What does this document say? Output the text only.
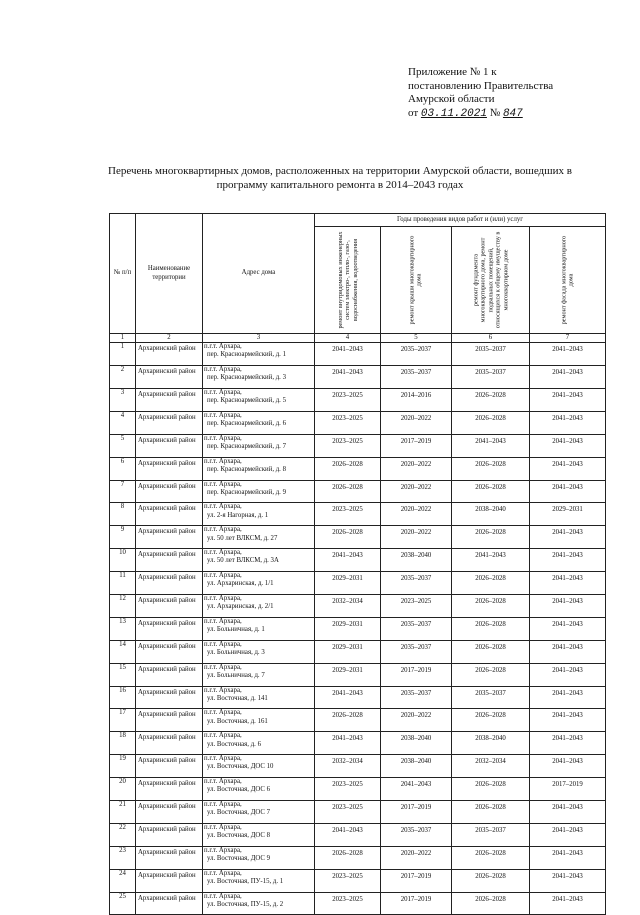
Приложение № 1 к
постановлению Правительства
Амурской области
от 03.11.2021 № 847
Перечень многоквартирных домов, расположенных на территории Амурской области, вошедших в
программу капитального ремонта в 2014–2043 годах
№ п/п	Наименование территории	Адрес дома	Годы проведения видов работ и (или) услуг			

			ремонт внутридомовых инженерных систем электро-, тепло-, газо-, водоснабжения, водоотведения	ремонт крыши многоквартирного дома	ремонт фундамента многоквартирного дома, ремонт подвальных помещений, относящихся к общему имуществу в многоквартирном доме	ремонт фасада многоквартирного дома

1	2	3	4	5	6	7
1	Архаринский район	п.г.т. Архара,
пер. Красноармейский, д. 1	2041–2043	2035–2037	2035–2037	2041–2043
2	Архаринский район	п.г.т. Архара,
пер. Красноармейский, д. 3	2041–2043	2035–2037	2035–2037	2041–2043
3	Архаринский район	п.г.т. Архара,
пер. Красноармейский, д. 5	2023–2025	2014–2016	2026–2028	2041–2043
4	Архаринский район	п.г.т. Архара,
пер. Красноармейский, д. 6	2023–2025	2020–2022	2026–2028	2041–2043
5	Архаринский район	п.г.т. Архара,
пер. Красноармейский, д. 7	2023–2025	2017–2019	2041–2043	2041–2043
6	Архаринский район	п.г.т. Архара,
пер. Красноармейский, д. 8	2026–2028	2020–2022	2026–2028	2041–2043
7	Архаринский район	п.г.т. Архара,
пер. Красноармейский, д. 9	2026–2028	2020–2022	2026–2028	2041–2043
8	Архаринский район	п.г.т. Архара,
ул. 2-я Нагорная, д. 1	2023–2025	2020–2022	2038–2040	2029–2031
9	Архаринский район	п.г.т. Архара,
ул. 50 лет ВЛКСМ, д. 27	2026–2028	2020–2022	2026–2028	2041–2043
10	Архаринский район	п.г.т. Архара,
ул. 50 лет ВЛКСМ, д. 3А	2041–2043	2038–2040	2041–2043	2041–2043
11	Архаринский район	п.г.т. Архара,
ул. Архаринская, д. 1/1	2029–2031	2035–2037	2026–2028	2041–2043
12	Архаринский район	п.г.т. Архара,
ул. Архаринская, д. 2/1	2032–2034	2023–2025	2026–2028	2041–2043
13	Архаринский район	п.г.т. Архара,
ул. Больничная, д. 1	2029–2031	2035–2037	2026–2028	2041–2043
14	Архаринский район	п.г.т. Архара,
ул. Больничная, д. 3	2029–2031	2035–2037	2026–2028	2041–2043
15	Архаринский район	п.г.т. Архара,
ул. Больничная, д. 7	2029–2031	2017–2019	2026–2028	2041–2043
16	Архаринский район	п.г.т. Архара,
ул. Восточная, д. 141	2041–2043	2035–2037	2035–2037	2041–2043
17	Архаринский район	п.г.т. Архара,
ул. Восточная, д. 161	2026–2028	2020–2022	2026–2028	2041–2043
18	Архаринский район	п.г.т. Архара,
ул. Восточная, д. 6	2041–2043	2038–2040	2038–2040	2041–2043
19	Архаринский район	п.г.т. Архара,
ул. Восточная, ДОС 10	2032–2034	2038–2040	2032–2034	2041–2043
20	Архаринский район	п.г.т. Архара,
ул. Восточная, ДОС 6	2023–2025	2041–2043	2026–2028	2017–2019
21	Архаринский район	п.г.т. Архара,
ул. Восточная, ДОС 7	2023–2025	2017–2019	2026–2028	2041–2043
22	Архаринский район	п.г.т. Архара,
ул. Восточная, ДОС 8	2041–2043	2035–2037	2035–2037	2041–2043
23	Архаринский район	п.г.т. Архара,
ул. Восточная, ДОС 9	2026–2028	2020–2022	2026–2028	2041–2043
24	Архаринский район	п.г.т. Архара,
ул. Восточная, ПУ-15, д. 1	2023–2025	2017–2019	2026–2028	2041–2043
25	Архаринский район	п.г.т. Архара,
ул. Восточная, ПУ-15, д. 2	2023–2025	2017–2019	2026–2028	2041–2043
